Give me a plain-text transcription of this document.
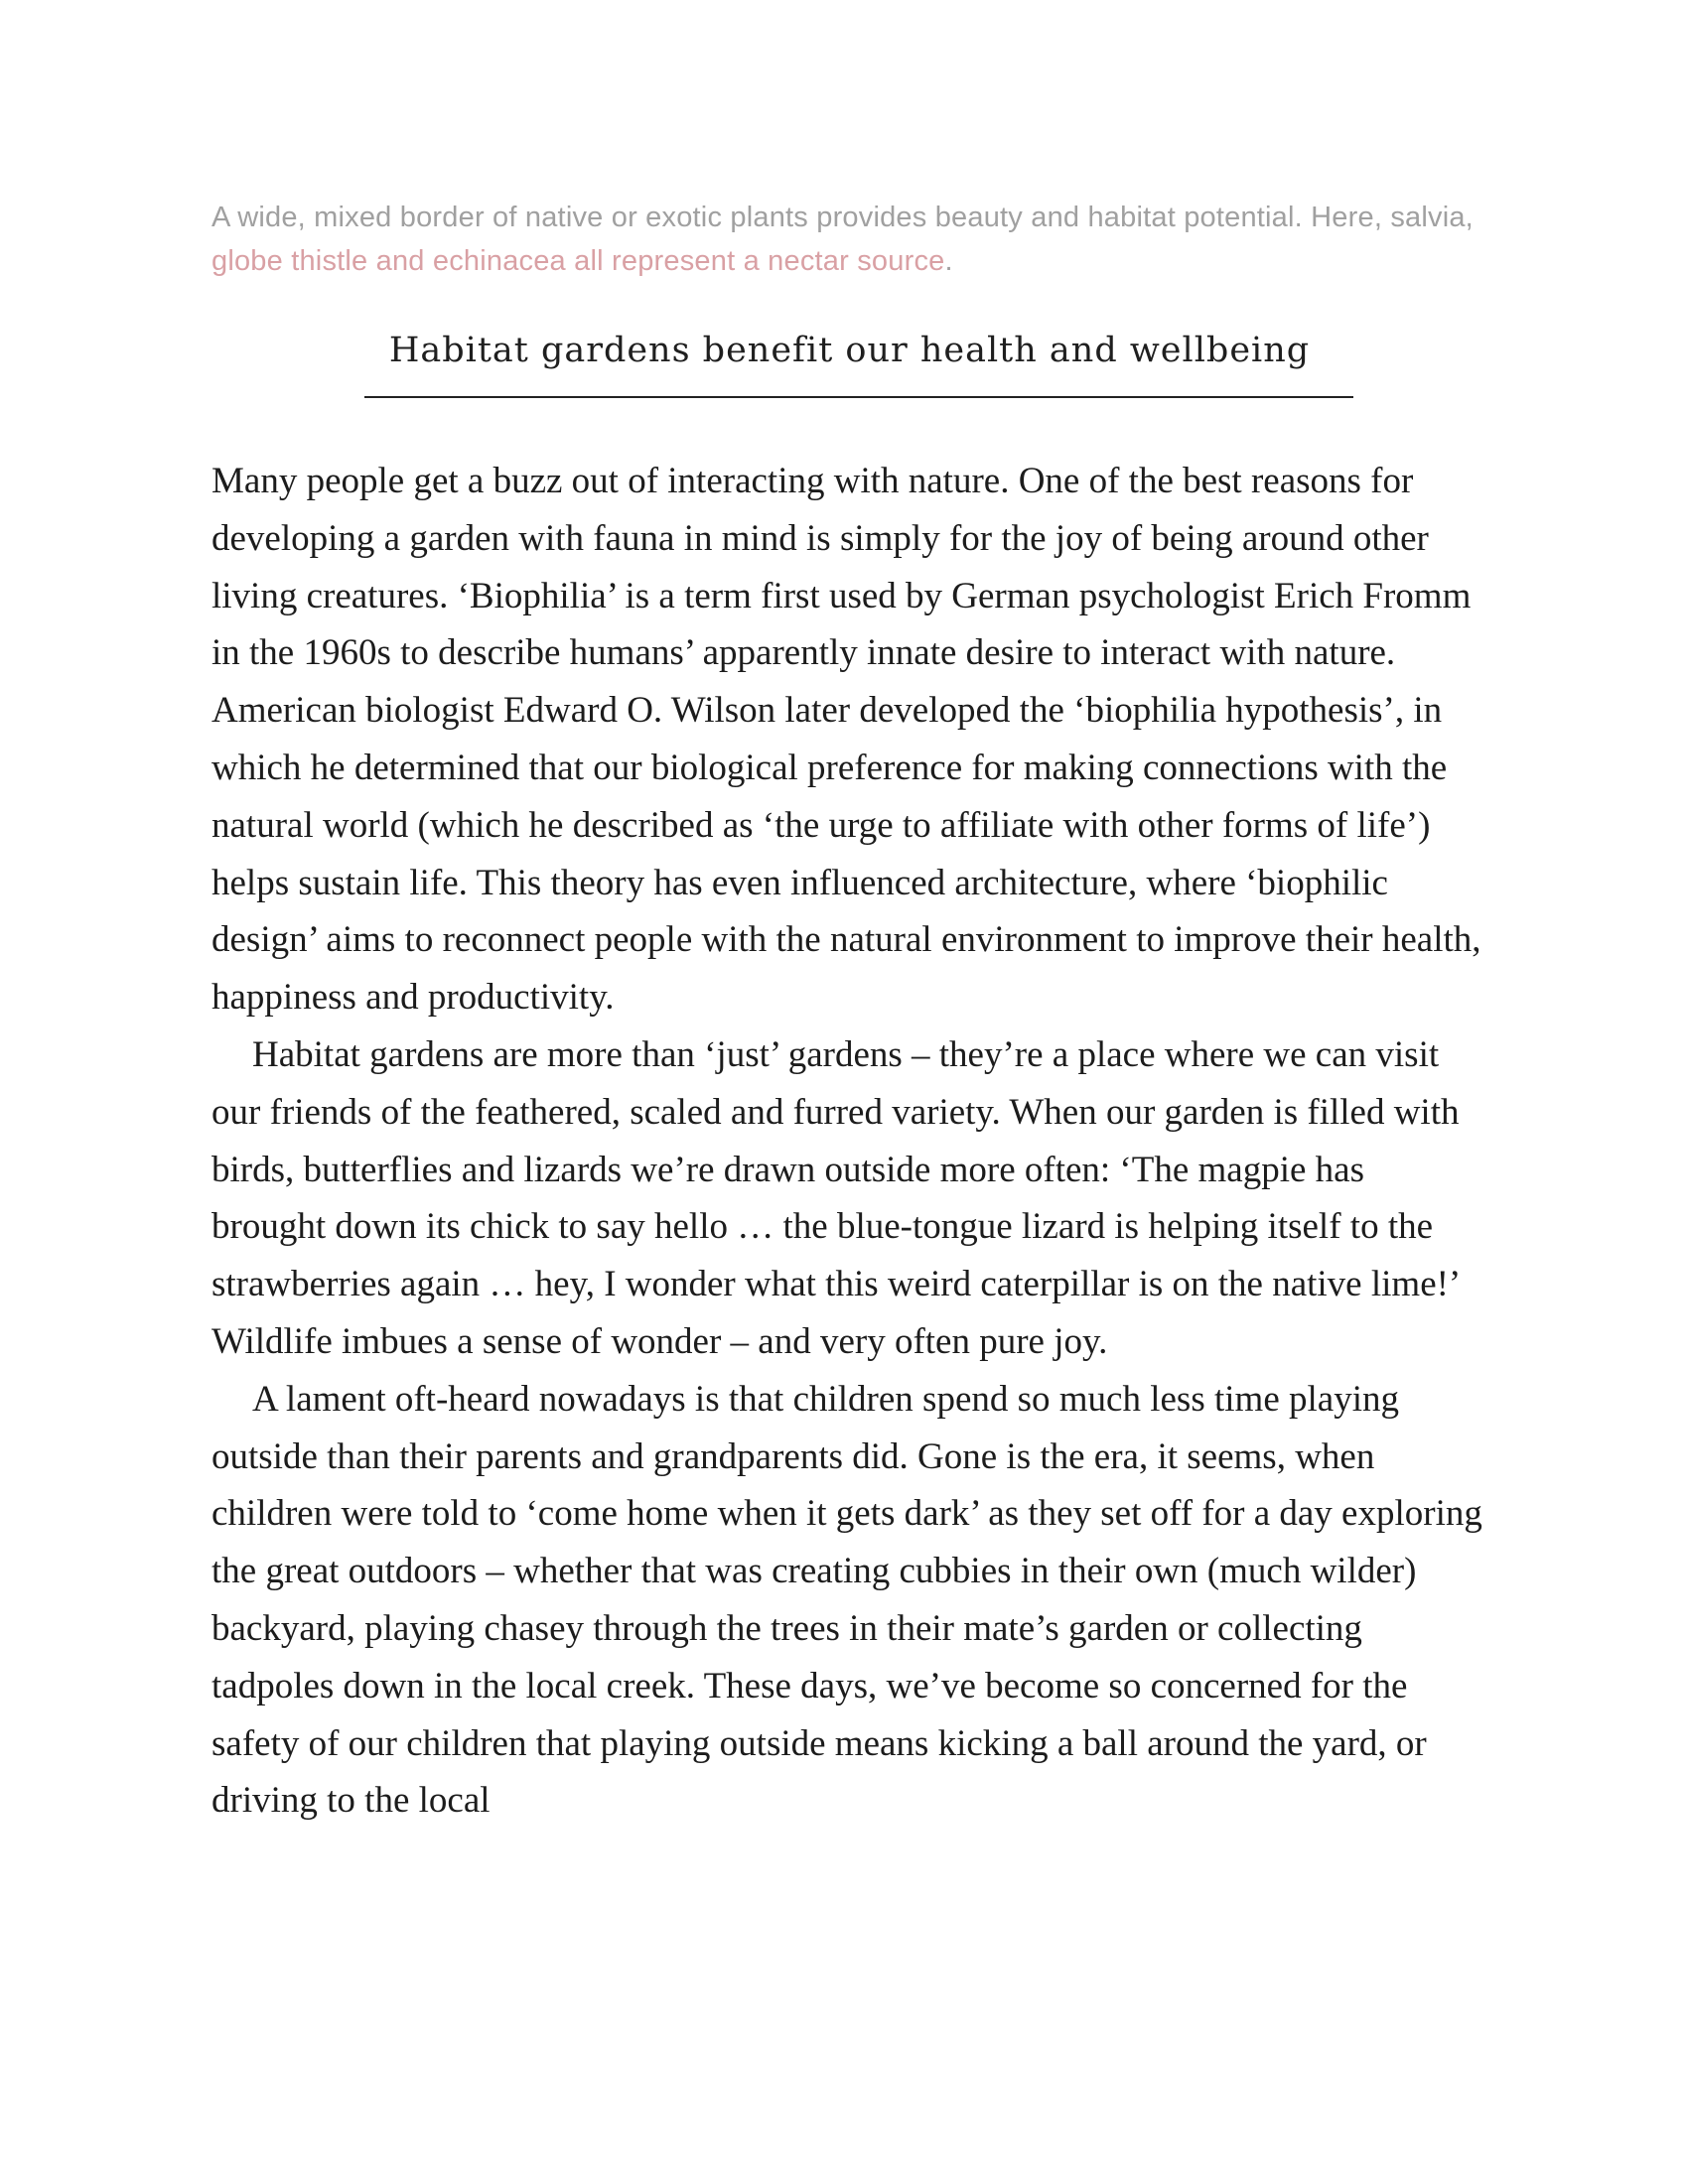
A wide, mixed border of native or exotic plants provides beauty and habitat potential. Here, salvia, globe thistle and echinacea all represent a nectar source.

Habitat gardens benefit our health and wellbeing

Many people get a buzz out of interacting with nature. One of the best reasons for developing a garden with fauna in mind is simply for the joy of being around other living creatures. ‘Biophilia’ is a term first used by German psychologist Erich Fromm in the 1960s to describe humans’ apparently innate desire to interact with nature. American biologist Edward O. Wilson later developed the ‘biophilia hypothesis’, in which he determined that our biological preference for making connections with the natural world (which he described as ‘the urge to affiliate with other forms of life’) helps sustain life. This theory has even influenced architecture, where ‘biophilic design’ aims to reconnect people with the natural environment to improve their health, happiness and productivity.

Habitat gardens are more than ‘just’ gardens – they’re a place where we can visit our friends of the feathered, scaled and furred variety. When our garden is filled with birds, butterflies and lizards we’re drawn outside more often: ‘The magpie has brought down its chick to say hello … the blue-tongue lizard is helping itself to the strawberries again … hey, I wonder what this weird caterpillar is on the native lime!’ Wildlife imbues a sense of wonder – and very often pure joy.

A lament oft-heard nowadays is that children spend so much less time playing outside than their parents and grandparents did. Gone is the era, it seems, when children were told to ‘come home when it gets dark’ as they set off for a day exploring the great outdoors – whether that was creating cubbies in their own (much wilder) backyard, playing chasey through the trees in their mate’s garden or collecting tadpoles down in the local creek. These days, we’ve become so concerned for the safety of our children that playing outside means kicking a ball around the yard, or driving to the local
